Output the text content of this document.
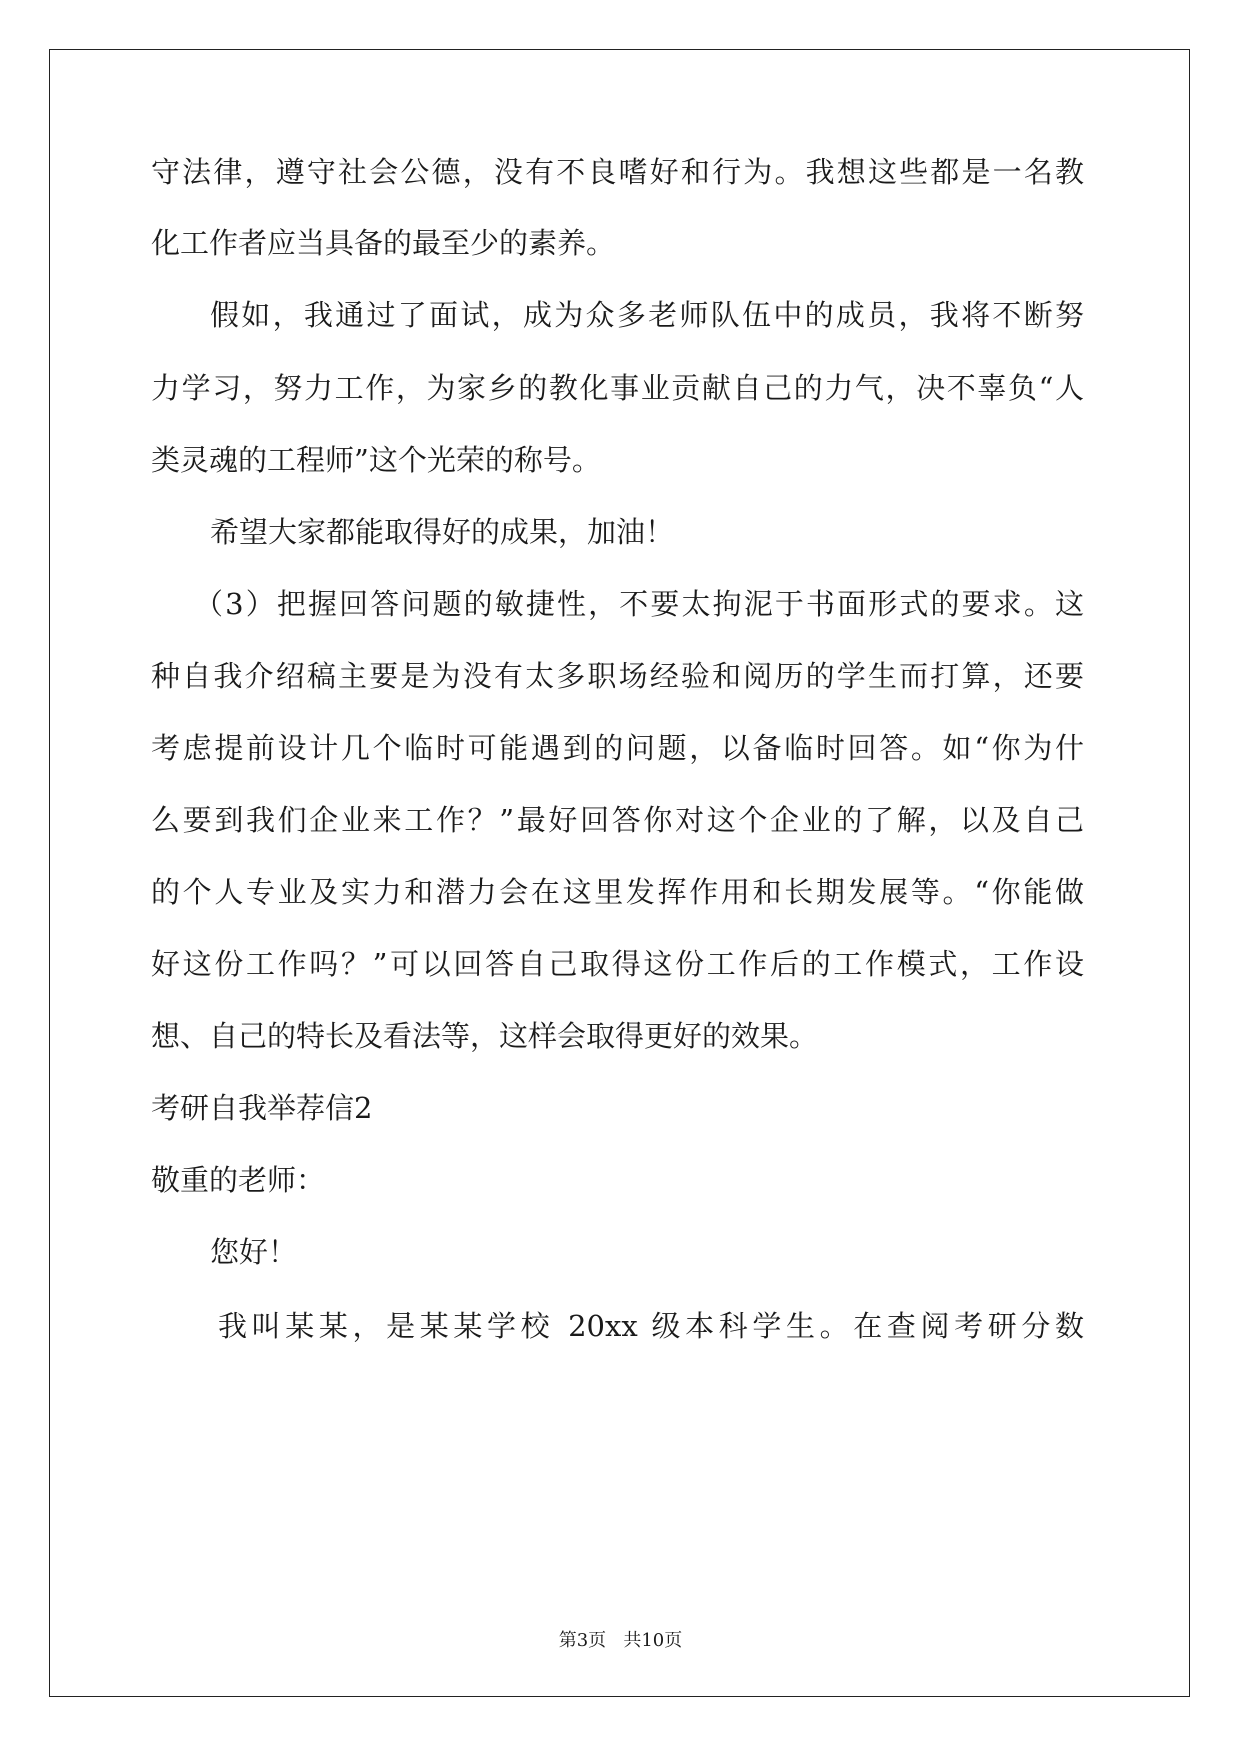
守法律，遵守社会公德，没有不良嗜好和行为。我想这些都是一名教

化工作者应当具备的最至少的素养。

假如，我通过了面试，成为众多老师队伍中的成员，我将不断努

力学习，努力工作，为家乡的教化事业贡献自己的力气，决不辜负“人

类灵魂的工程师”这个光荣的称号。

希望大家都能取得好的成果，加油！

（3）把握回答问题的敏捷性，不要太拘泥于书面形式的要求。这

种自我介绍稿主要是为没有太多职场经验和阅历的学生而打算，还要

考虑提前设计几个临时可能遇到的问题，以备临时回答。如“你为什

么要到我们企业来工作？”最好回答你对这个企业的了解，以及自己

的个人专业及实力和潜力会在这里发挥作用和长期发展等。“你能做

好这份工作吗？”可以回答自己取得这份工作后的工作模式，工作设

想、自己的特长及看法等，这样会取得更好的效果。

考研自我举荐信2

敬重的老师：

您好！

我叫某某，是某某学校 20xx 级本科学生。在查阅考研分数

第3页   共10页
